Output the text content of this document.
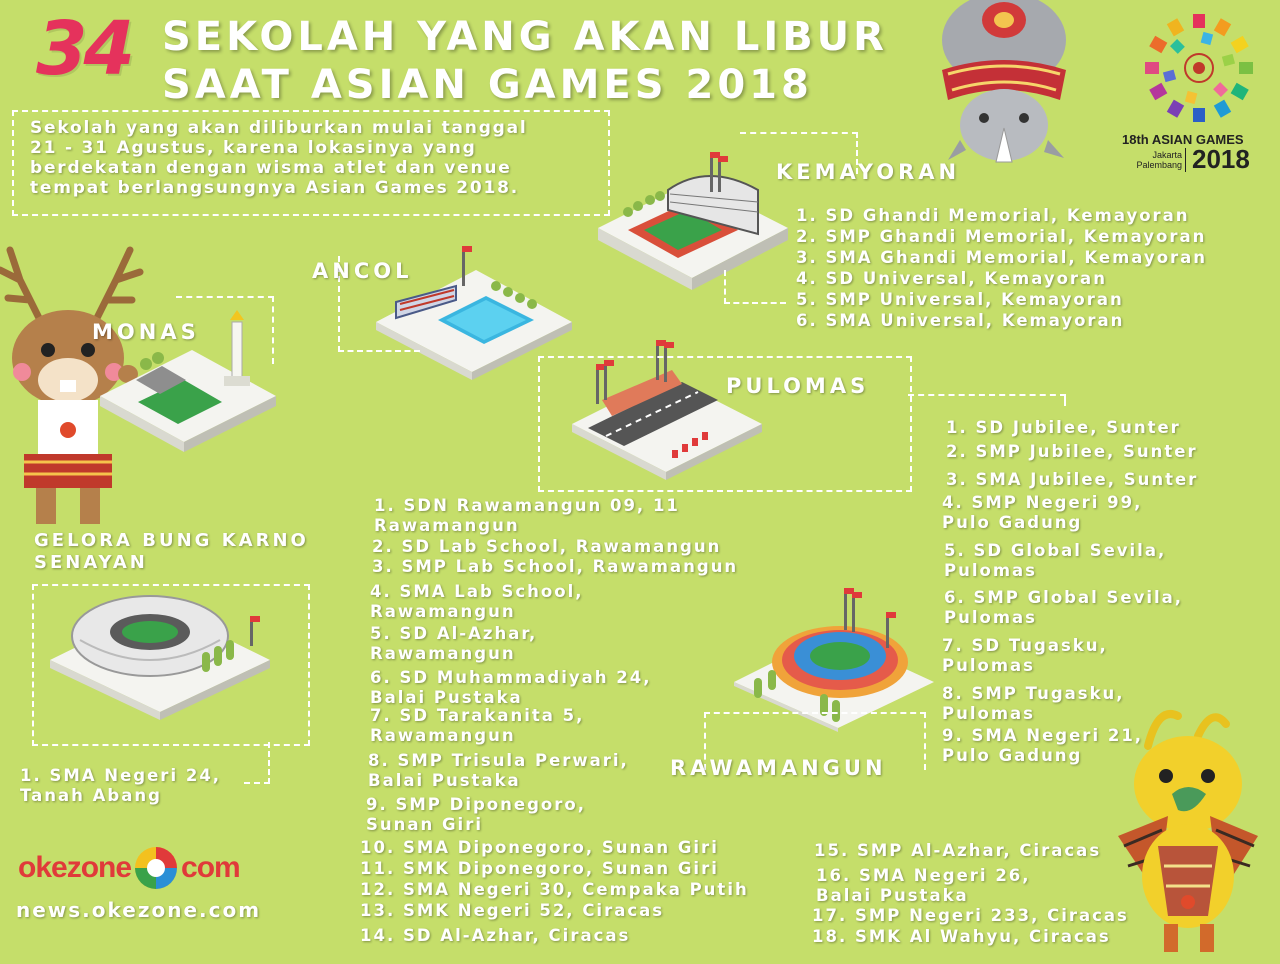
34 SEKOLAH YANG AKAN LIBUR
SAAT ASIAN GAMES 2018
Sekolah yang akan diliburkan mulai tanggal
21 - 31 Agustus, karena lokasinya yang
berdekatan dengan wisma atlet dan venue
tempat berlangsungnya Asian Games 2018.
18th ASIAN GAMES
Jakarta
Palembang 2018
KEMAYORAN
ANCOL
MONAS
PULOMAS
GELORA BUNG KARNO
SENAYAN
RAWAMANGUN
1. SD Ghandi Memorial, Kemayoran
2. SMP Ghandi Memorial, Kemayoran
3. SMA Ghandi Memorial, Kemayoran
4. SD Universal, Kemayoran
5. SMP Universal, Kemayoran
6. SMA Universal, Kemayoran
1. SD Jubilee, Sunter
2. SMP Jubilee, Sunter
3. SMA Jubilee, Sunter
4. SMP Negeri 99,
Pulo Gadung
5. SD Global Sevila,
Pulomas
6. SMP Global Sevila,
Pulomas
7. SD Tugasku,
Pulomas
8. SMP Tugasku,
Pulomas
9. SMA Negeri 21,
Pulo Gadung
1. SMA Negeri 24,
Tanah Abang
1. SDN Rawamangun 09, 11
Rawamangun
2. SD Lab School, Rawamangun
3. SMP Lab School, Rawamangun
4. SMA Lab School,
Rawamangun
5. SD Al-Azhar,
Rawamangun
6. SD Muhammadiyah 24,
Balai Pustaka
7. SD Tarakanita 5,
Rawamangun
8. SMP Trisula Perwari,
Balai Pustaka
9. SMP Diponegoro,
Sunan Giri
10. SMA Diponegoro, Sunan Giri
11. SMK Diponegoro, Sunan Giri
12. SMA Negeri 30, Cempaka Putih
13. SMK Negeri 52, Ciracas
14. SD Al-Azhar, Ciracas
15. SMP Al-Azhar, Ciracas
16. SMA Negeri 26,
Balai Pustaka
17. SMP Negeri 233, Ciracas
18. SMK Al Wahyu, Ciracas
okezone com
news.okezone.com
